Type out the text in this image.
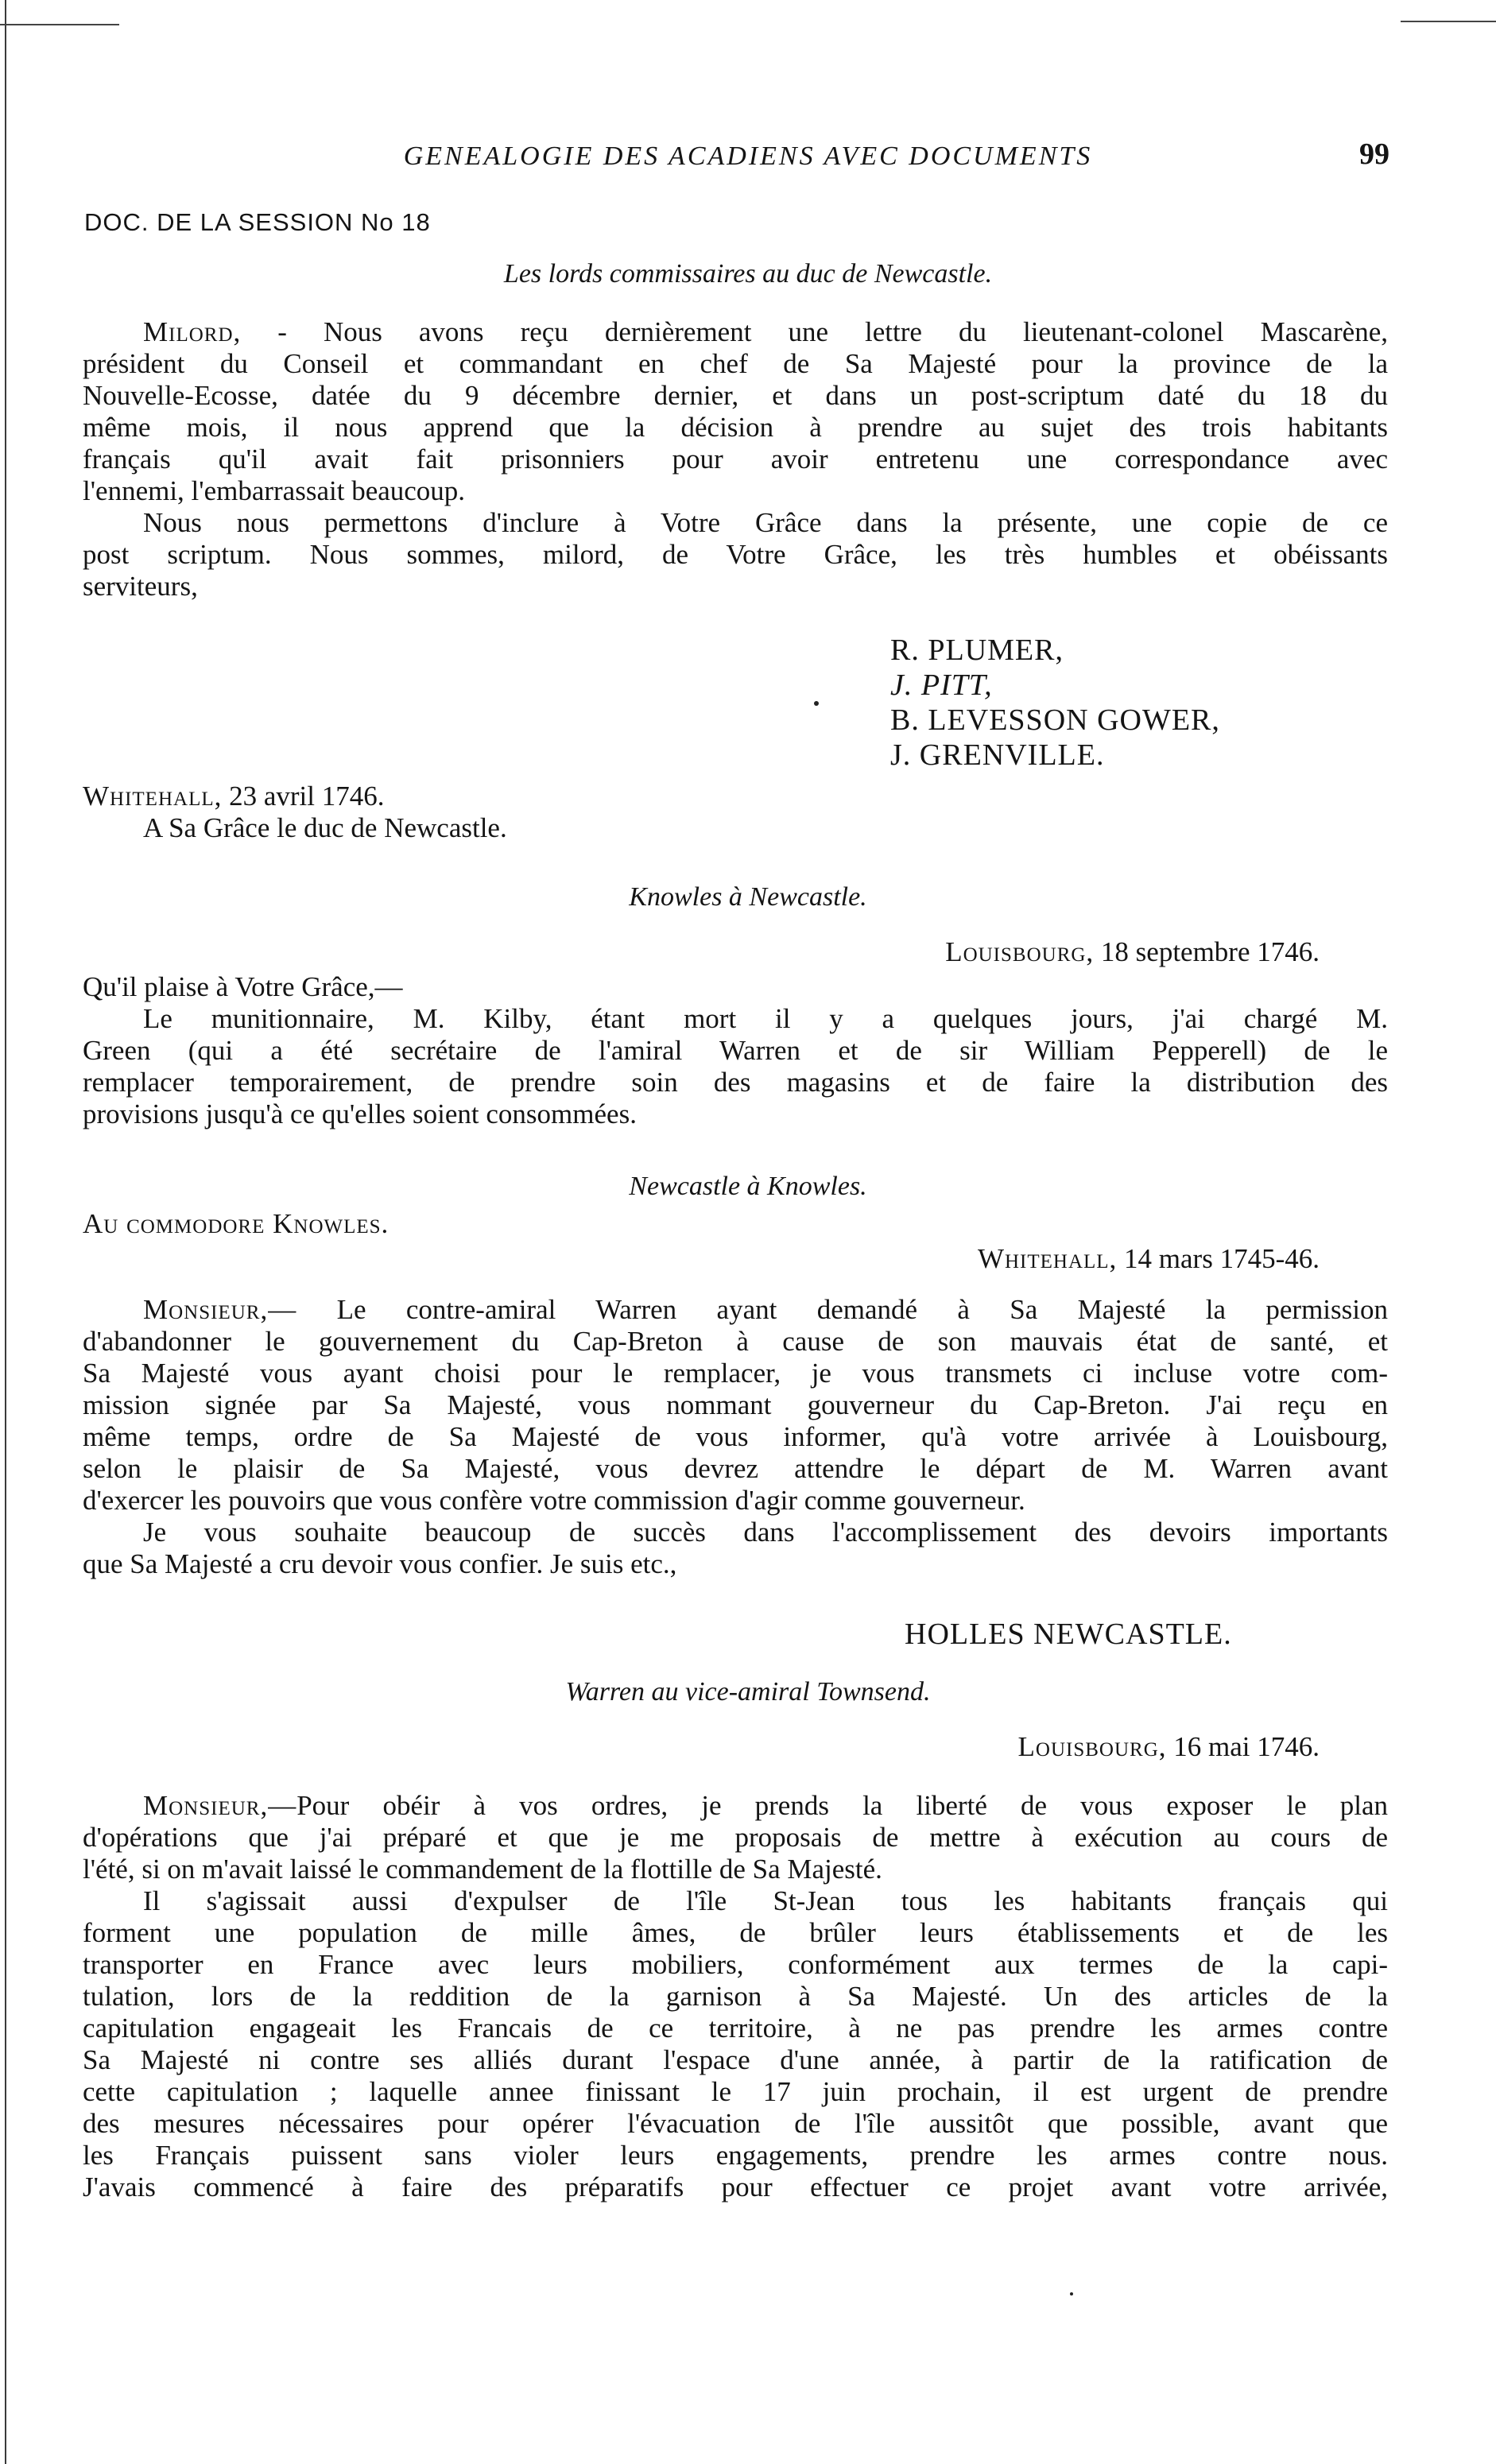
GENEALOGIE DES ACADIENS AVEC DOCUMENTS	99
DOC. DE LA SESSION No 18
Les lords commissaires au duc de Newcastle.
Milord, - Nous avons reçu dernièrement une lettre du lieutenant-colonel Mascarène,
président du Conseil et commandant en chef de Sa Majesté pour la province de la
Nouvelle-Ecosse, datée du 9 décembre dernier, et dans un post-scriptum daté du 18 du
même mois, il nous apprend que la décision à prendre au sujet des trois habitants
français qu'il avait fait prisonniers pour avoir entretenu une correspondance avec
l'ennemi, l'embarrassait beaucoup.
Nous nous permettons d'inclure à Votre Grâce dans la présente, une copie de ce
post scriptum. Nous sommes, milord, de Votre Grâce, les très humbles et obéissants
serviteurs,
R. PLUMER,
J. PITT,
B. LEVESSON GOWER,
J. GRENVILLE.
Whitehall, 23 avril 1746.
A Sa Grâce le duc de Newcastle.
Knowles à Newcastle.
Louisbourg, 18 septembre 1746.
Qu'il plaise à Votre Grâce,—
Le munitionnaire, M. Kilby, étant mort il y a quelques jours, j'ai chargé M.
Green (qui a été secrétaire de l'amiral Warren et de sir William Pepperell) de le
remplacer temporairement, de prendre soin des magasins et de faire la distribution des
provisions jusqu'à ce qu'elles soient consommées.
Newcastle à Knowles.
Au commodore Knowles.
Whitehall, 14 mars 1745-46.
Monsieur,— Le contre-amiral Warren ayant demandé à Sa Majesté la permission
d'abandonner le gouvernement du Cap-Breton à cause de son mauvais état de santé, et
Sa Majesté vous ayant choisi pour le remplacer, je vous transmets ci incluse votre com-
mission signée par Sa Majesté, vous nommant gouverneur du Cap-Breton. J'ai reçu en
même temps, ordre de Sa Majesté de vous informer, qu'à votre arrivée à Louisbourg,
selon le plaisir de Sa Majesté, vous devrez attendre le départ de M. Warren avant
d'exercer les pouvoirs que vous confère votre commission d'agir comme gouverneur.
Je vous souhaite beaucoup de succès dans l'accomplissement des devoirs importants
que Sa Majesté a cru devoir vous confier. Je suis etc.,
HOLLES NEWCASTLE.
Warren au vice-amiral Townsend.
Louisbourg, 16 mai 1746.
Monsieur,—Pour obéir à vos ordres, je prends la liberté de vous exposer le plan
d'opérations que j'ai préparé et que je me proposais de mettre à exécution au cours de
l'été, si on m'avait laissé le commandement de la flottille de Sa Majesté.
Il s'agissait aussi d'expulser de l'île St-Jean tous les habitants français qui
forment une population de mille âmes, de brûler leurs établissements et de les
transporter en France avec leurs mobiliers, conformément aux termes de la capi-
tulation, lors de la reddition de la garnison à Sa Majesté. Un des articles de la
capitulation engageait les Francais de ce territoire, à ne pas prendre les armes contre
Sa Majesté ni contre ses alliés durant l'espace d'une année, à partir de la ratification de
cette capitulation ; laquelle annee finissant le 17 juin prochain, il est urgent de prendre
des mesures nécessaires pour opérer l'évacuation de l'île aussitôt que possible, avant que
les Français puissent sans violer leurs engagements, prendre les armes contre nous.
J'avais commencé à faire des préparatifs pour effectuer ce projet avant votre arrivée,
